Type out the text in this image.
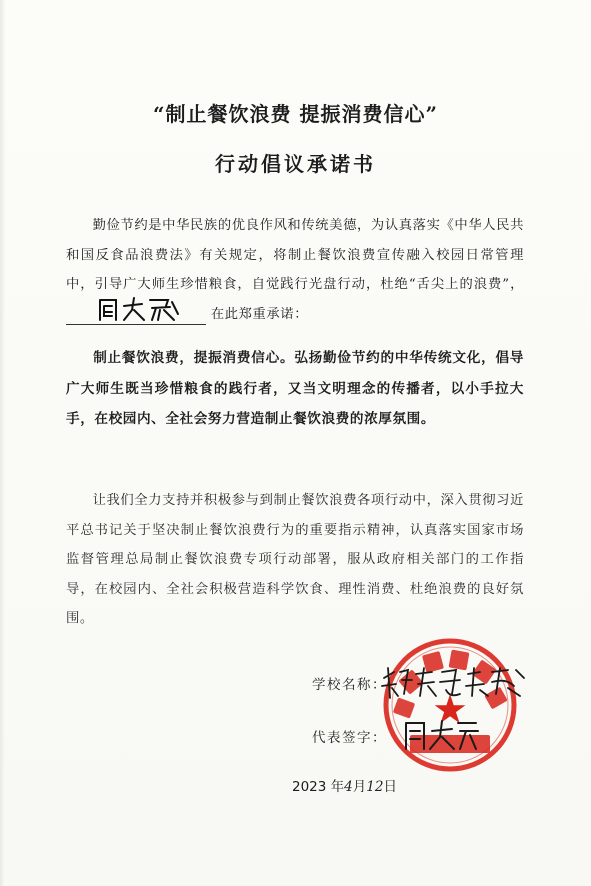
“制止餐饮浪费 提振消费信心”
行动倡议承诺书
勤俭节约是中华民族的优良作风和传统美德，为认真落实《中华人民共和国反食品浪费法》有关规定，将制止餐饮浪费宣传融入校园日常管理中，引导广大师生珍惜粮食，自觉践行光盘行动，杜绝“舌尖上的浪费”，
在此郑重承诺：
制止餐饮浪费，提振消费信心。弘扬勤俭节约的中华传统文化，倡导广大师生既当珍惜粮食的践行者，又当文明理念的传播者，以小手拉大手，在校园内、全社会努力营造制止餐饮浪费的浓厚氛围。
让我们全力支持并积极参与到制止餐饮浪费各项行动中，深入贯彻习近平总书记关于坚决制止餐饮浪费行为的重要指示精神，认真落实国家市场监督管理总局制止餐饮浪费专项行动部署，服从政府相关部门的工作指导，在校园内、全社会积极营造科学饮食、理性消费、杜绝浪费的良好氛围。
学校名称：
代表签字：
★
2023 年4月12日
